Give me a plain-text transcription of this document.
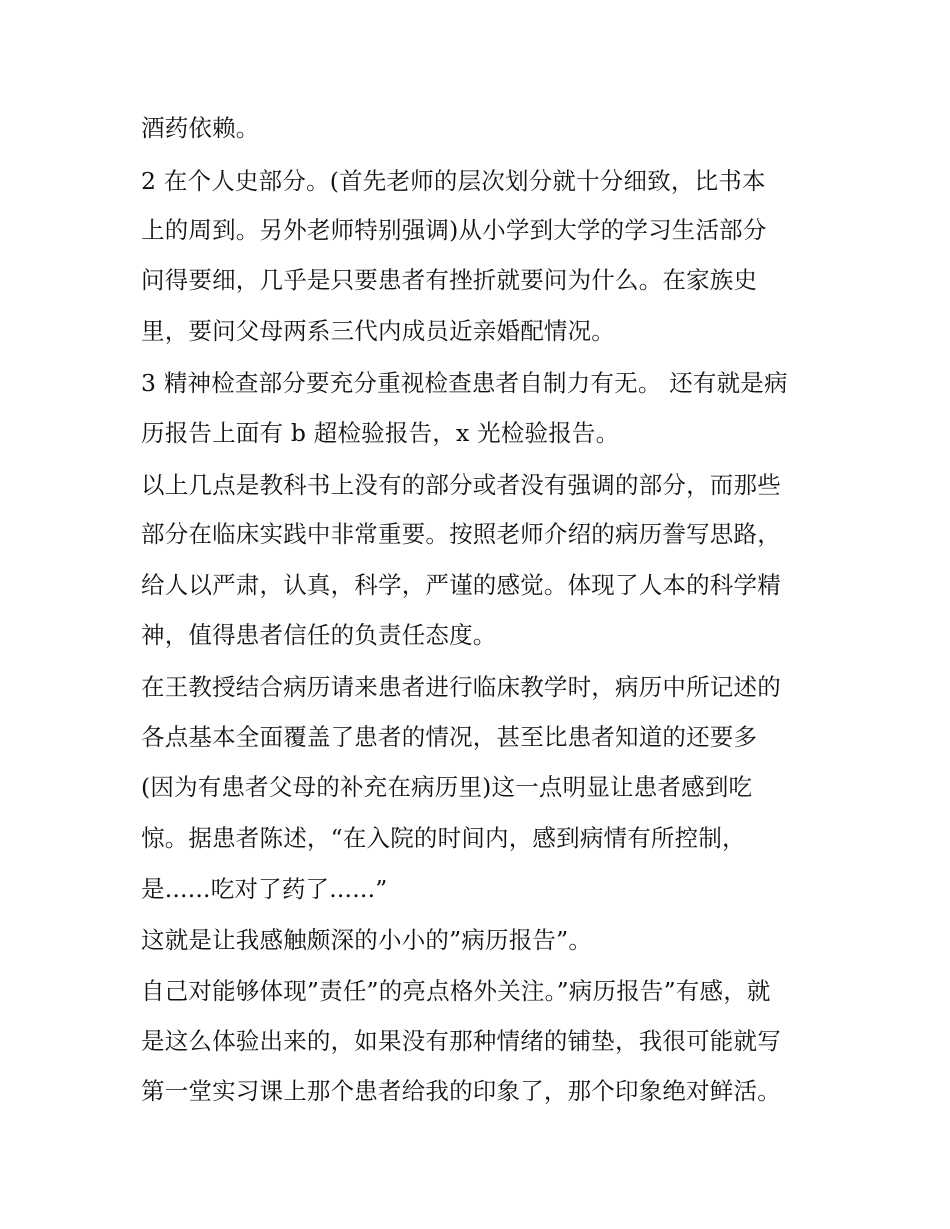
酒药依赖。
2 在个人史部分。(首先老师的层次划分就十分细致，比书本
上的周到。另外老师特别强调)从小学到大学的学习生活部分
问得要细，几乎是只要患者有挫折就要问为什么。在家族史
里，要问父母两系三代内成员近亲婚配情况。
3 精神检查部分要充分重视检查患者自制力有无。 还有就是病
历报告上面有 b 超检验报告，x 光检验报告。
以上几点是教科书上没有的部分或者没有强调的部分，而那些
部分在临床实践中非常重要。按照老师介绍的病历誊写思路，
给人以严肃，认真，科学，严谨的感觉。体现了人本的科学精
神，值得患者信任的负责任态度。
在王教授结合病历请来患者进行临床教学时，病历中所记述的
各点基本全面覆盖了患者的情况，甚至比患者知道的还要多
(因为有患者父母的补充在病历里)这一点明显让患者感到吃
惊。据患者陈述，“在入院的时间内，感到病情有所控制，
是......吃对了药了......”
这就是让我感触颇深的小小的”病历报告”。
自己对能够体现”责任”的亮点格外关注。”病历报告”有感，就
是这么体验出来的，如果没有那种情绪的铺垫，我很可能就写
第一堂实习课上那个患者给我的印象了，那个印象绝对鲜活。
